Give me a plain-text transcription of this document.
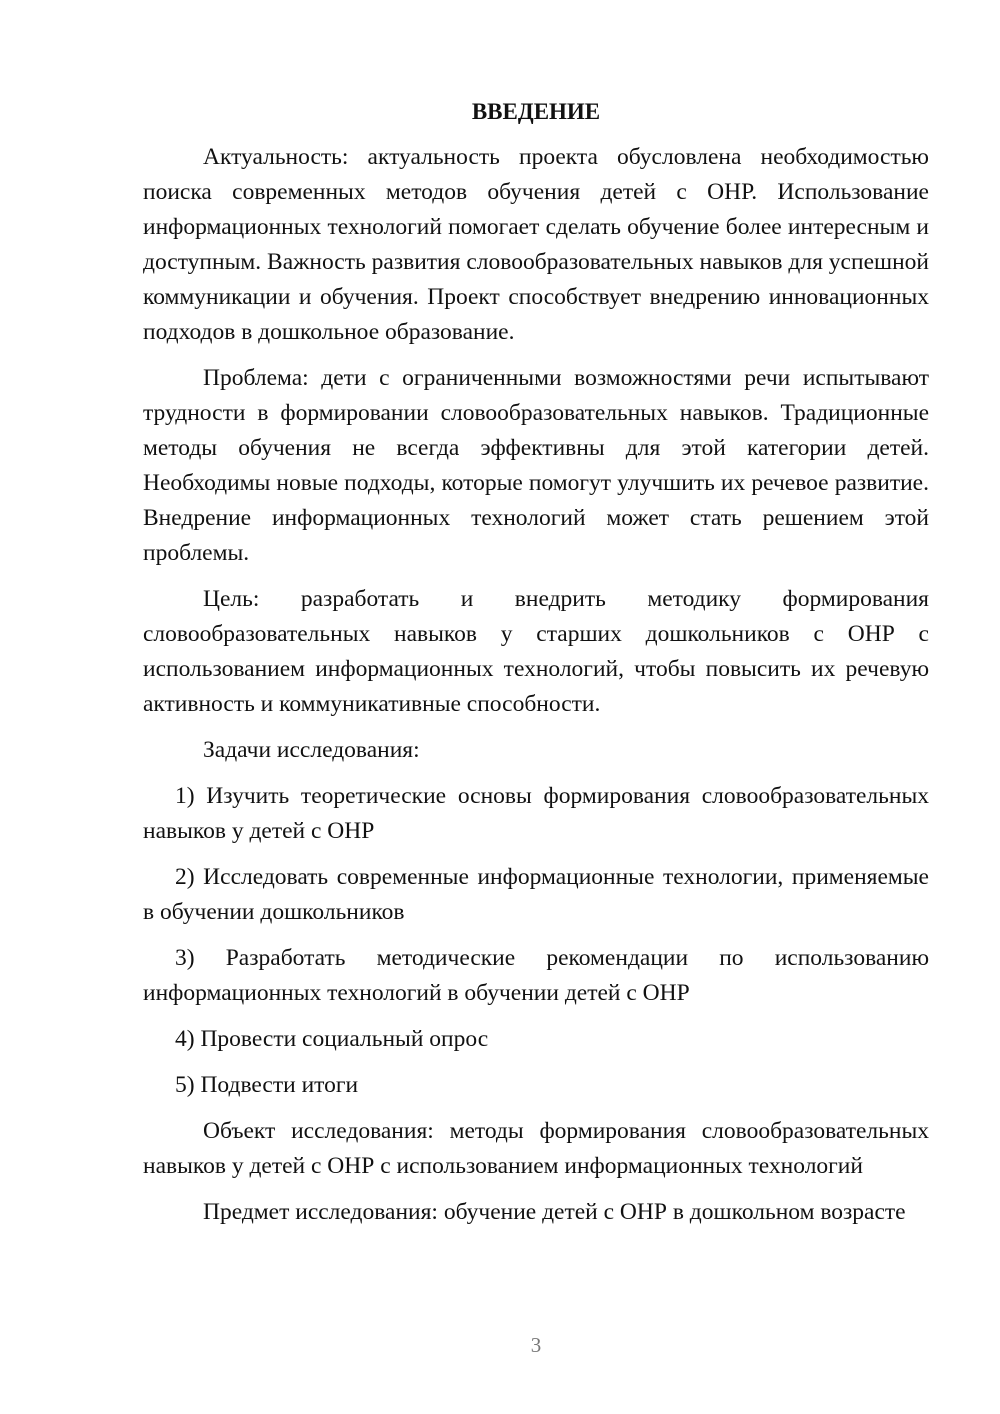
ВВЕДЕНИЕ

Актуальность: актуальность проекта обусловлена необходимостью поиска современных методов обучения детей с ОНР. Использование информационных технологий помогает сделать обучение более интересным и доступным. Важность развития словообразовательных навыков для успешной коммуникации и обучения. Проект способствует внедрению инновационных подходов в дошкольное образование.

Проблема: дети с ограниченными возможностями речи испытывают трудности в формировании словообразовательных навыков. Традиционные методы обучения не всегда эффективны для этой категории детей. Необходимы новые подходы, которые помогут улучшить их речевое развитие. Внедрение информационных технологий может стать решением этой проблемы.

Цель: разработать и внедрить методику формирования словообразовательных навыков у старших дошкольников с ОНР с использованием информационных технологий, чтобы повысить их речевую активность и коммуникативные способности.

Задачи исследования:

1) Изучить теоретические основы формирования словообразовательных навыков у детей с ОНР

2) Исследовать современные информационные технологии, применяемые в обучении дошкольников

3) Разработать методические рекомендации по использованию информационных технологий в обучении детей с ОНР

4) Провести социальный опрос

5) Подвести итоги

Объект исследования: методы формирования словообразовательных навыков у детей с ОНР с использованием информационных технологий

Предмет исследования: обучение детей с ОНР в дошкольном возрасте

3
